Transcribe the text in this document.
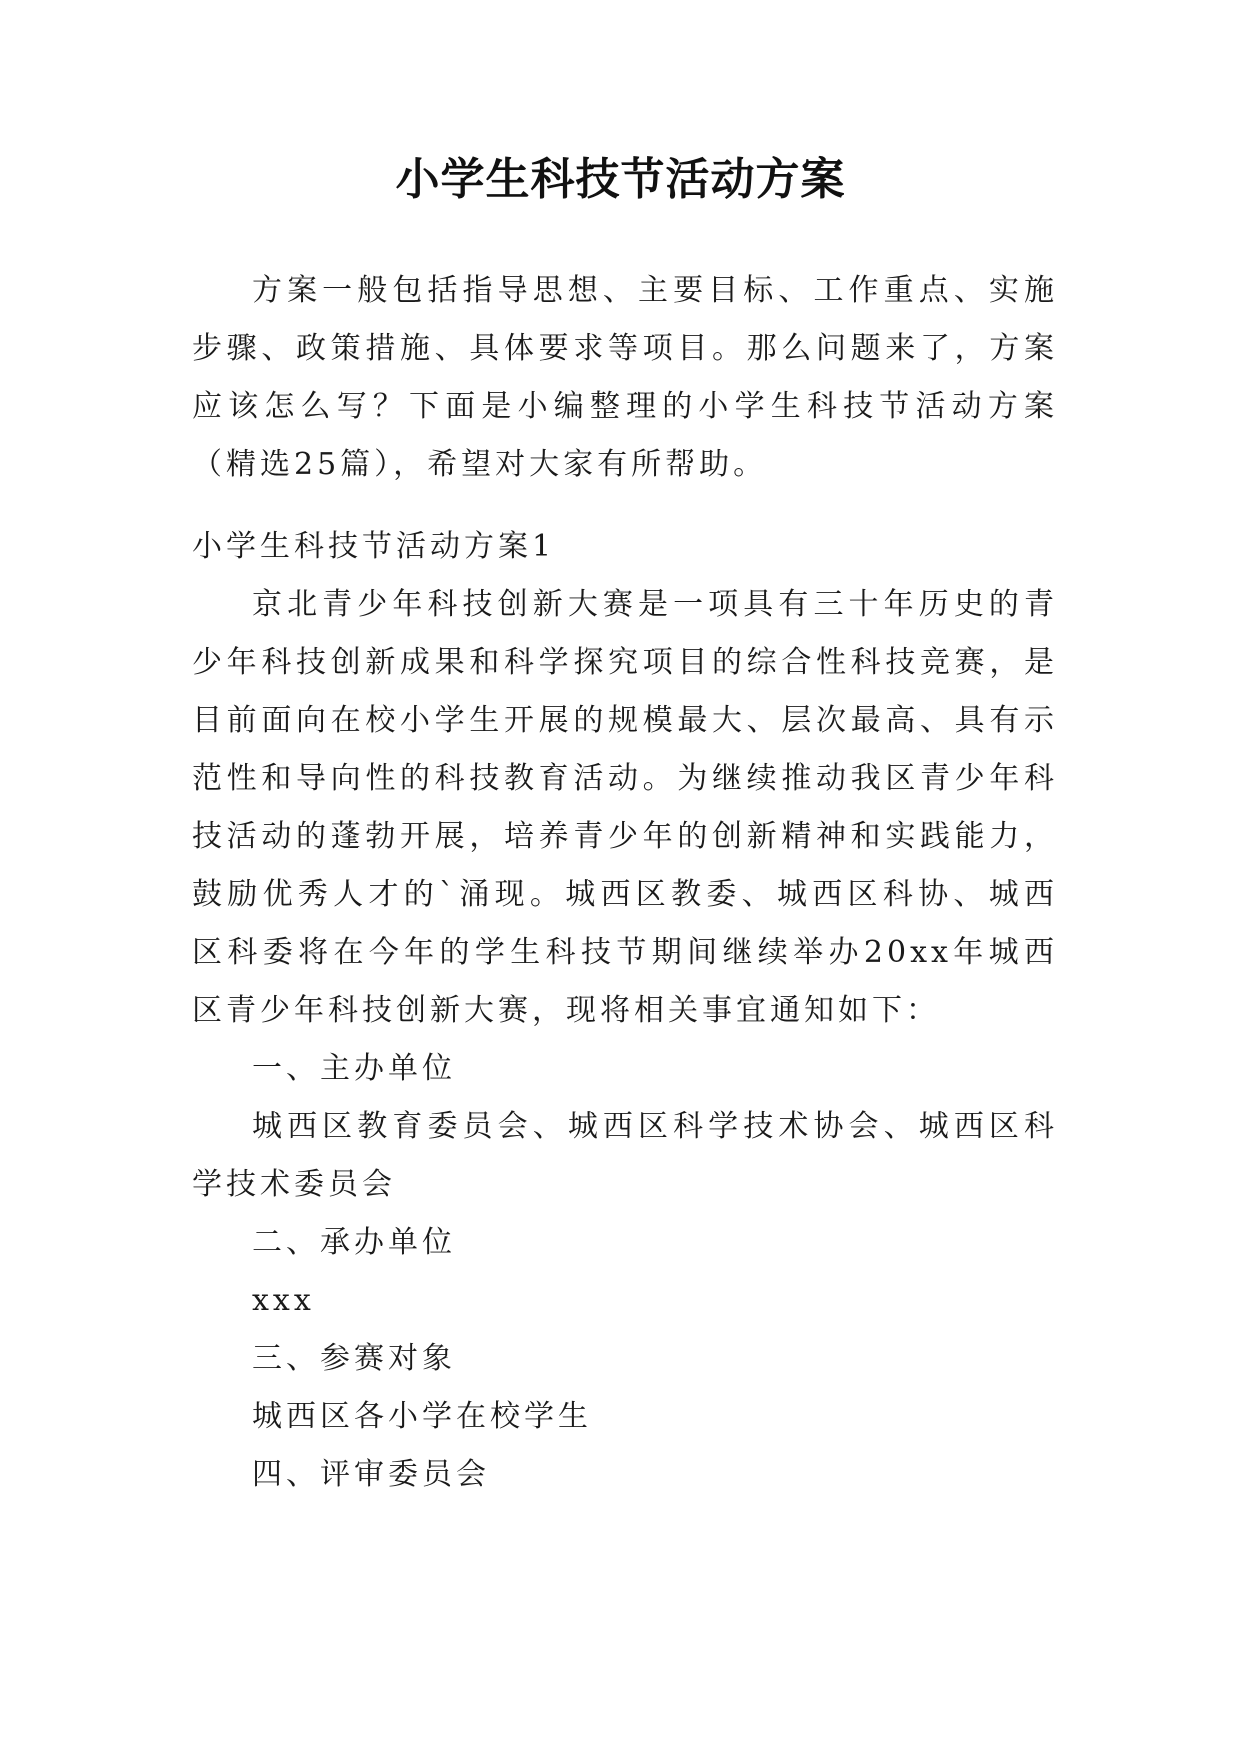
小学生科技节活动方案

方案一般包括指导思想、主要目标、工作重点、实施步骤、政策措施、具体要求等项目。那么问题来了，方案应该怎么写？下面是小编整理的小学生科技节活动方案（精选25篇），希望对大家有所帮助。

小学生科技节活动方案1

京北青少年科技创新大赛是一项具有三十年历史的青少年科技创新成果和科学探究项目的综合性科技竞赛，是目前面向在校小学生开展的规模最大、层次最高、具有示范性和导向性的科技教育活动。为继续推动我区青少年科技活动的蓬勃开展，培养青少年的创新精神和实践能力，鼓励优秀人才的`涌现。城西区教委、城西区科协、城西区科委将在今年的学生科技节期间继续举办20xx年城西区青少年科技创新大赛，现将相关事宜通知如下：

一、主办单位

城西区教育委员会、城西区科学技术协会、城西区科学技术委员会

二、承办单位

xxx

三、参赛对象

城西区各小学在校学生

四、评审委员会
